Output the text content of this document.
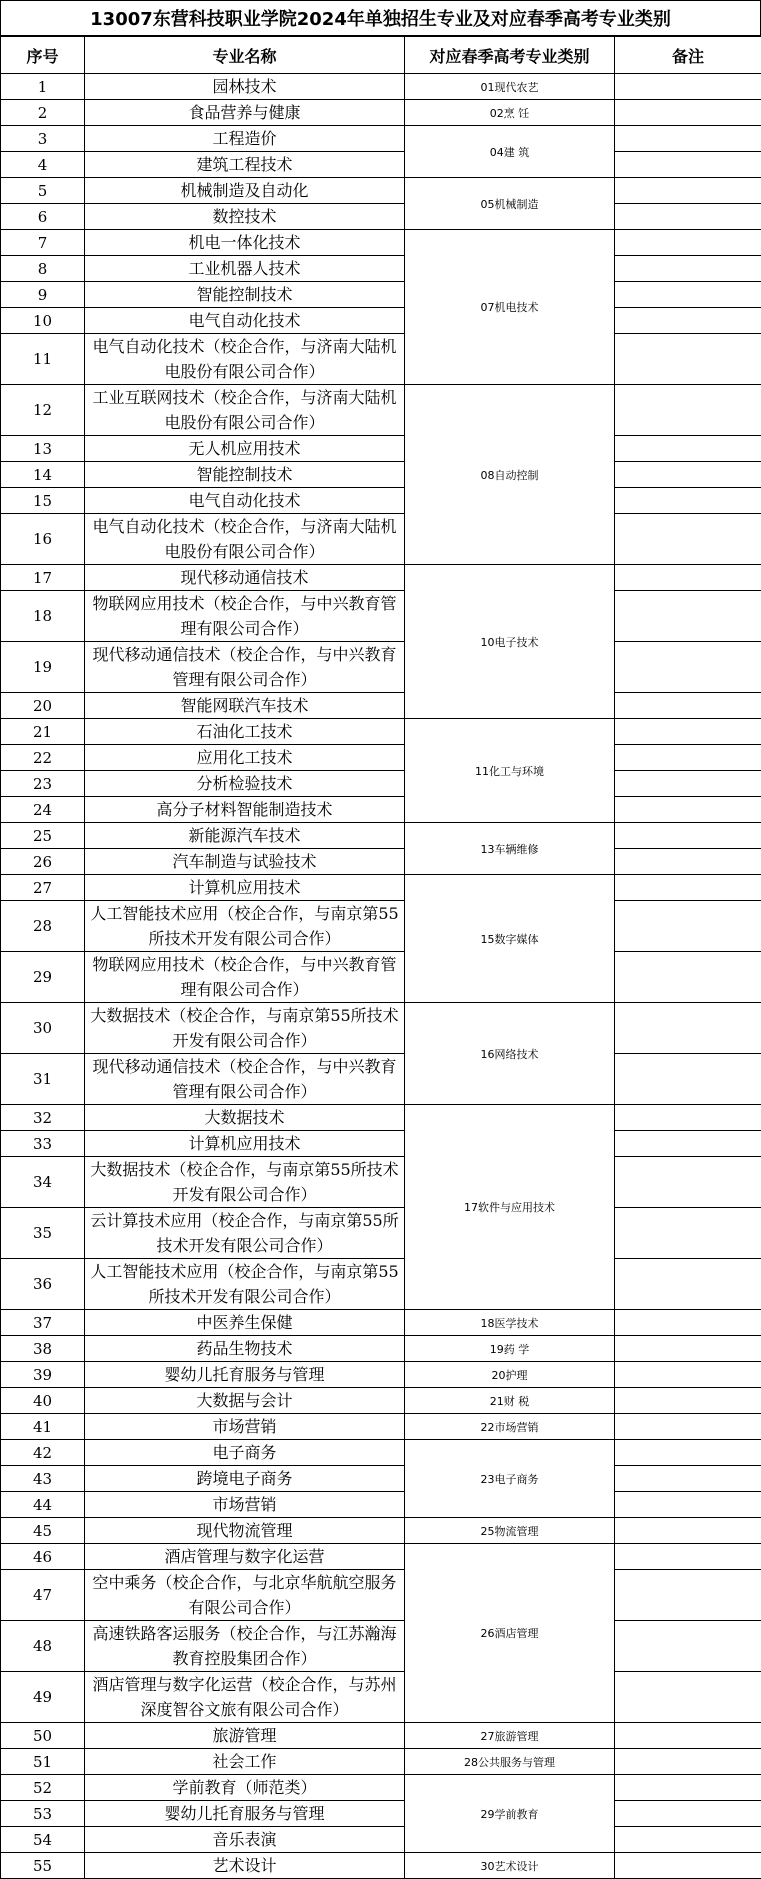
13007东营科技职业学院2024年单独招生专业及对应春季高考专业类别
序号	专业名称	对应春季高考专业类别	备注
1	园林技术	01现代农艺	
2	食品营养与健康	02烹 饪	
3	工程造价	04建 筑	
4	建筑工程技术		
5	机械制造及自动化	05机械制造	
6	数控技术		
7	机电一体化技术	07机电技术	
8	工业机器人技术		
9	智能控制技术		
10	电气自动化技术		
11	电气自动化技术（校企合作，与济南大陆机电股份有限公司合作）		
12	工业互联网技术（校企合作，与济南大陆机电股份有限公司合作）	08自动控制	
13	无人机应用技术		
14	智能控制技术		
15	电气自动化技术		
16	电气自动化技术（校企合作，与济南大陆机电股份有限公司合作）		
17	现代移动通信技术	10电子技术	
18	物联网应用技术（校企合作，与中兴教育管理有限公司合作）		
19	现代移动通信技术（校企合作，与中兴教育管理有限公司合作）		
20	智能网联汽车技术		
21	石油化工技术	11化工与环境	
22	应用化工技术		
23	分析检验技术		
24	高分子材料智能制造技术		
25	新能源汽车技术	13车辆维修	
26	汽车制造与试验技术		
27	计算机应用技术	15数字媒体	
28	人工智能技术应用（校企合作，与南京第55所技术开发有限公司合作）		
29	物联网应用技术（校企合作，与中兴教育管理有限公司合作）		
30	大数据技术（校企合作，与南京第55所技术开发有限公司合作）	16网络技术	
31	现代移动通信技术（校企合作，与中兴教育管理有限公司合作）		
32	大数据技术	17软件与应用技术	
33	计算机应用技术		
34	大数据技术（校企合作，与南京第55所技术开发有限公司合作）		
35	云计算技术应用（校企合作，与南京第55所技术开发有限公司合作）		
36	人工智能技术应用（校企合作，与南京第55所技术开发有限公司合作）		
37	中医养生保健	18医学技术	
38	药品生物技术	19药 学	
39	婴幼儿托育服务与管理	20护理	
40	大数据与会计	21财 税	
41	市场营销	22市场营销	
42	电子商务	23电子商务	
43	跨境电子商务		
44	市场营销		
45	现代物流管理	25物流管理	
46	酒店管理与数字化运营	26酒店管理	
47	空中乘务（校企合作，与北京华航航空服务有限公司合作）		
48	高速铁路客运服务（校企合作，与江苏瀚海教育控股集团合作）		
49	酒店管理与数字化运营（校企合作，与苏州深度智谷文旅有限公司合作）		
50	旅游管理	27旅游管理	
51	社会工作	28公共服务与管理	
52	学前教育（师范类）	29学前教育	
53	婴幼儿托育服务与管理		
54	音乐表演		
55	艺术设计	30艺术设计	
